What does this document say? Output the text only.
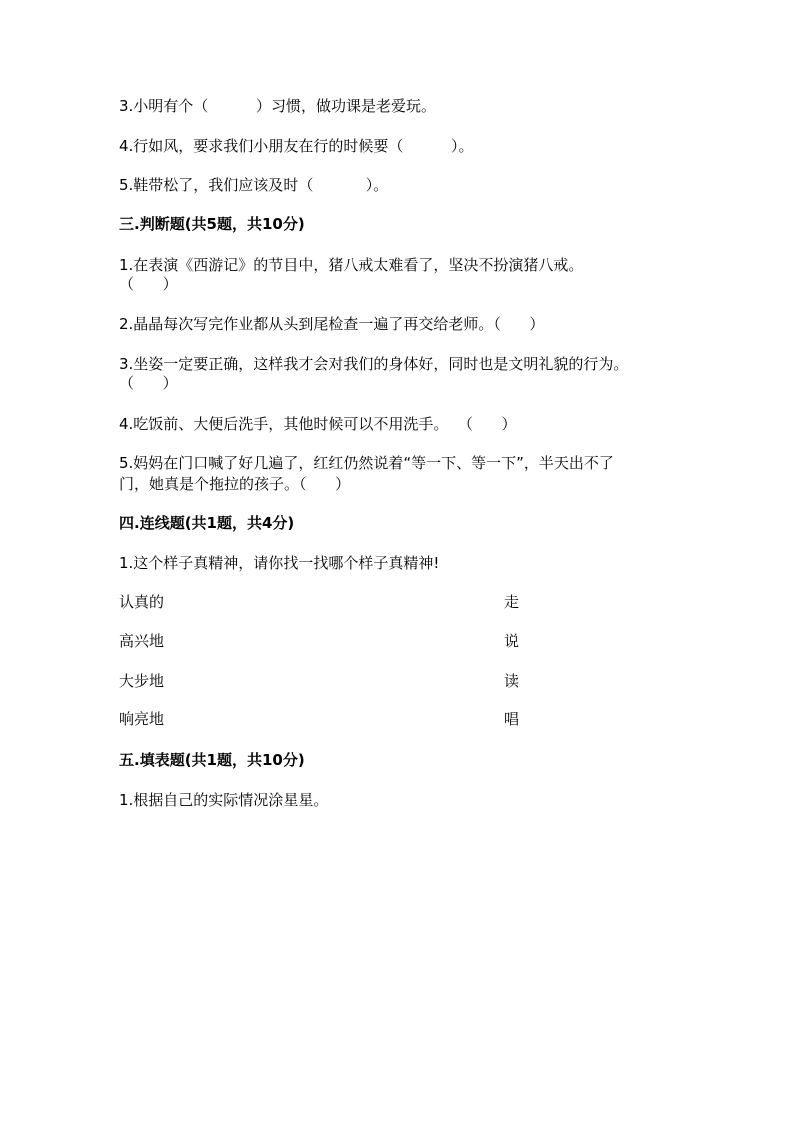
3.小明有个（          ）习惯，做功课是老爱玩。
4.行如风，要求我们小朋友在行的时候要（          ）。
5.鞋带松了，我们应该及时（           ）。
三.判断题(共5题，共10分)
1.在表演《西游记》的节目中，猪八戒太难看了，坚决不扮演猪八戒。
（      ）
2.晶晶每次写完作业都从头到尾检查一遍了再交给老师。（      ）
3.坐姿一定要正确，这样我才会对我们的身体好，同时也是文明礼貌的行为。
（      ）
4.吃饭前、大便后洗手，其他时候可以不用洗手。  （      ）
5.妈妈在门口喊了好几遍了，红红仍然说着“等一下、等一下”，半天出不了
门，她真是个拖拉的孩子。（      ）
四.连线题(共1题，共4分)
1.这个样子真精神，请你找一找哪个样子真精神!
认真的	走
高兴地	说
大步地	读
响亮地	唱
五.填表题(共1题，共10分)
1.根据自己的实际情况涂星星。
